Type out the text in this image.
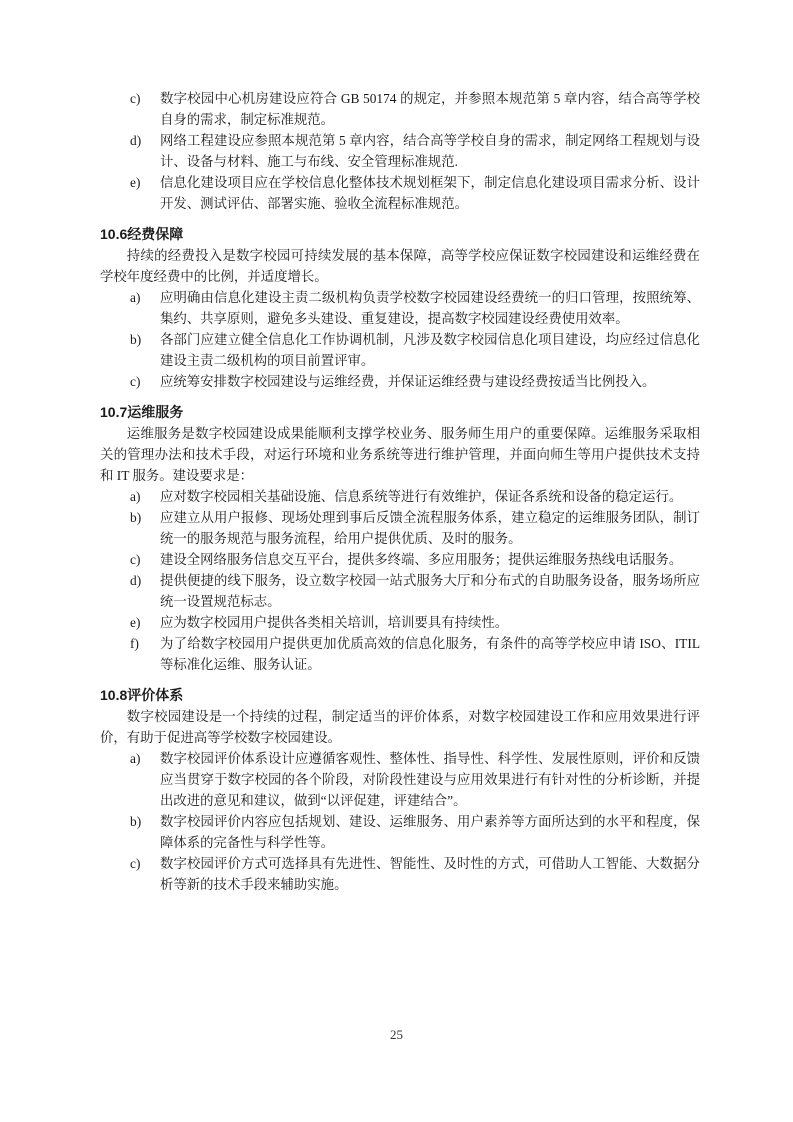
c)	数字校园中心机房建设应符合 GB 50174 的规定，并参照本规范第 5 章内容，结合高等学校自身的需求，制定标准规范。
d)	网络工程建设应参照本规范第 5 章内容，结合高等学校自身的需求，制定网络工程规划与设计、设备与材料、施工与布线、安全管理标准规范.
e)	信息化建设项目应在学校信息化整体技术规划框架下，制定信息化建设项目需求分析、设计开发、测试评估、部署实施、验收全流程标准规范。
10.6经费保障

持续的经费投入是数字校园可持续发展的基本保障，高等学校应保证数字校园建设和运维经费在学校年度经费中的比例，并适度增长。

a)	应明确由信息化建设主责二级机构负责学校数字校园建设经费统一的归口管理，按照统筹、集约、共享原则，避免多头建设、重复建设，提高数字校园建设经费使用效率。
b)	各部门应建立健全信息化工作协调机制，凡涉及数字校园信息化项目建设，均应经过信息化建设主责二级机构的项目前置评审。
c)	应统筹安排数字校园建设与运维经费，并保证运维经费与建设经费按适当比例投入。
10.7运维服务

运维服务是数字校园建设成果能顺利支撑学校业务、服务师生用户的重要保障。运维服务采取相关的管理办法和技术手段，对运行环境和业务系统等进行维护管理，并面向师生等用户提供技术支持和 IT 服务。建设要求是：

a)	应对数字校园相关基础设施、信息系统等进行有效维护，保证各系统和设备的稳定运行。
b)	应建立从用户报修、现场处理到事后反馈全流程服务体系，建立稳定的运维服务团队，制订统一的服务规范与服务流程，给用户提供优质、及时的服务。
c)	建设全网络服务信息交互平台，提供多终端、多应用服务；提供运维服务热线电话服务。
d)	提供便捷的线下服务，设立数字校园一站式服务大厅和分布式的自助服务设备，服务场所应统一设置规范标志。
e)	应为数字校园用户提供各类相关培训，培训要具有持续性。
f)	为了给数字校园用户提供更加优质高效的信息化服务，有条件的高等学校应申请 ISO、ITIL 等标准化运维、服务认证。
10.8评价体系

数字校园建设是一个持续的过程，制定适当的评价体系，对数字校园建设工作和应用效果进行评价，有助于促进高等学校数字校园建设。

a)	数字校园评价体系设计应遵循客观性、整体性、指导性、科学性、发展性原则，评价和反馈应当贯穿于数字校园的各个阶段，对阶段性建设与应用效果进行有针对性的分析诊断，并提出改进的意见和建议，做到“以评促建，评建结合”。
b)	数字校园评价内容应包括规划、建设、运维服务、用户素养等方面所达到的水平和程度，保障体系的完备性与科学性等。
c)	数字校园评价方式可选择具有先进性、智能性、及时性的方式，可借助人工智能、大数据分析等新的技术手段来辅助实施。
25
